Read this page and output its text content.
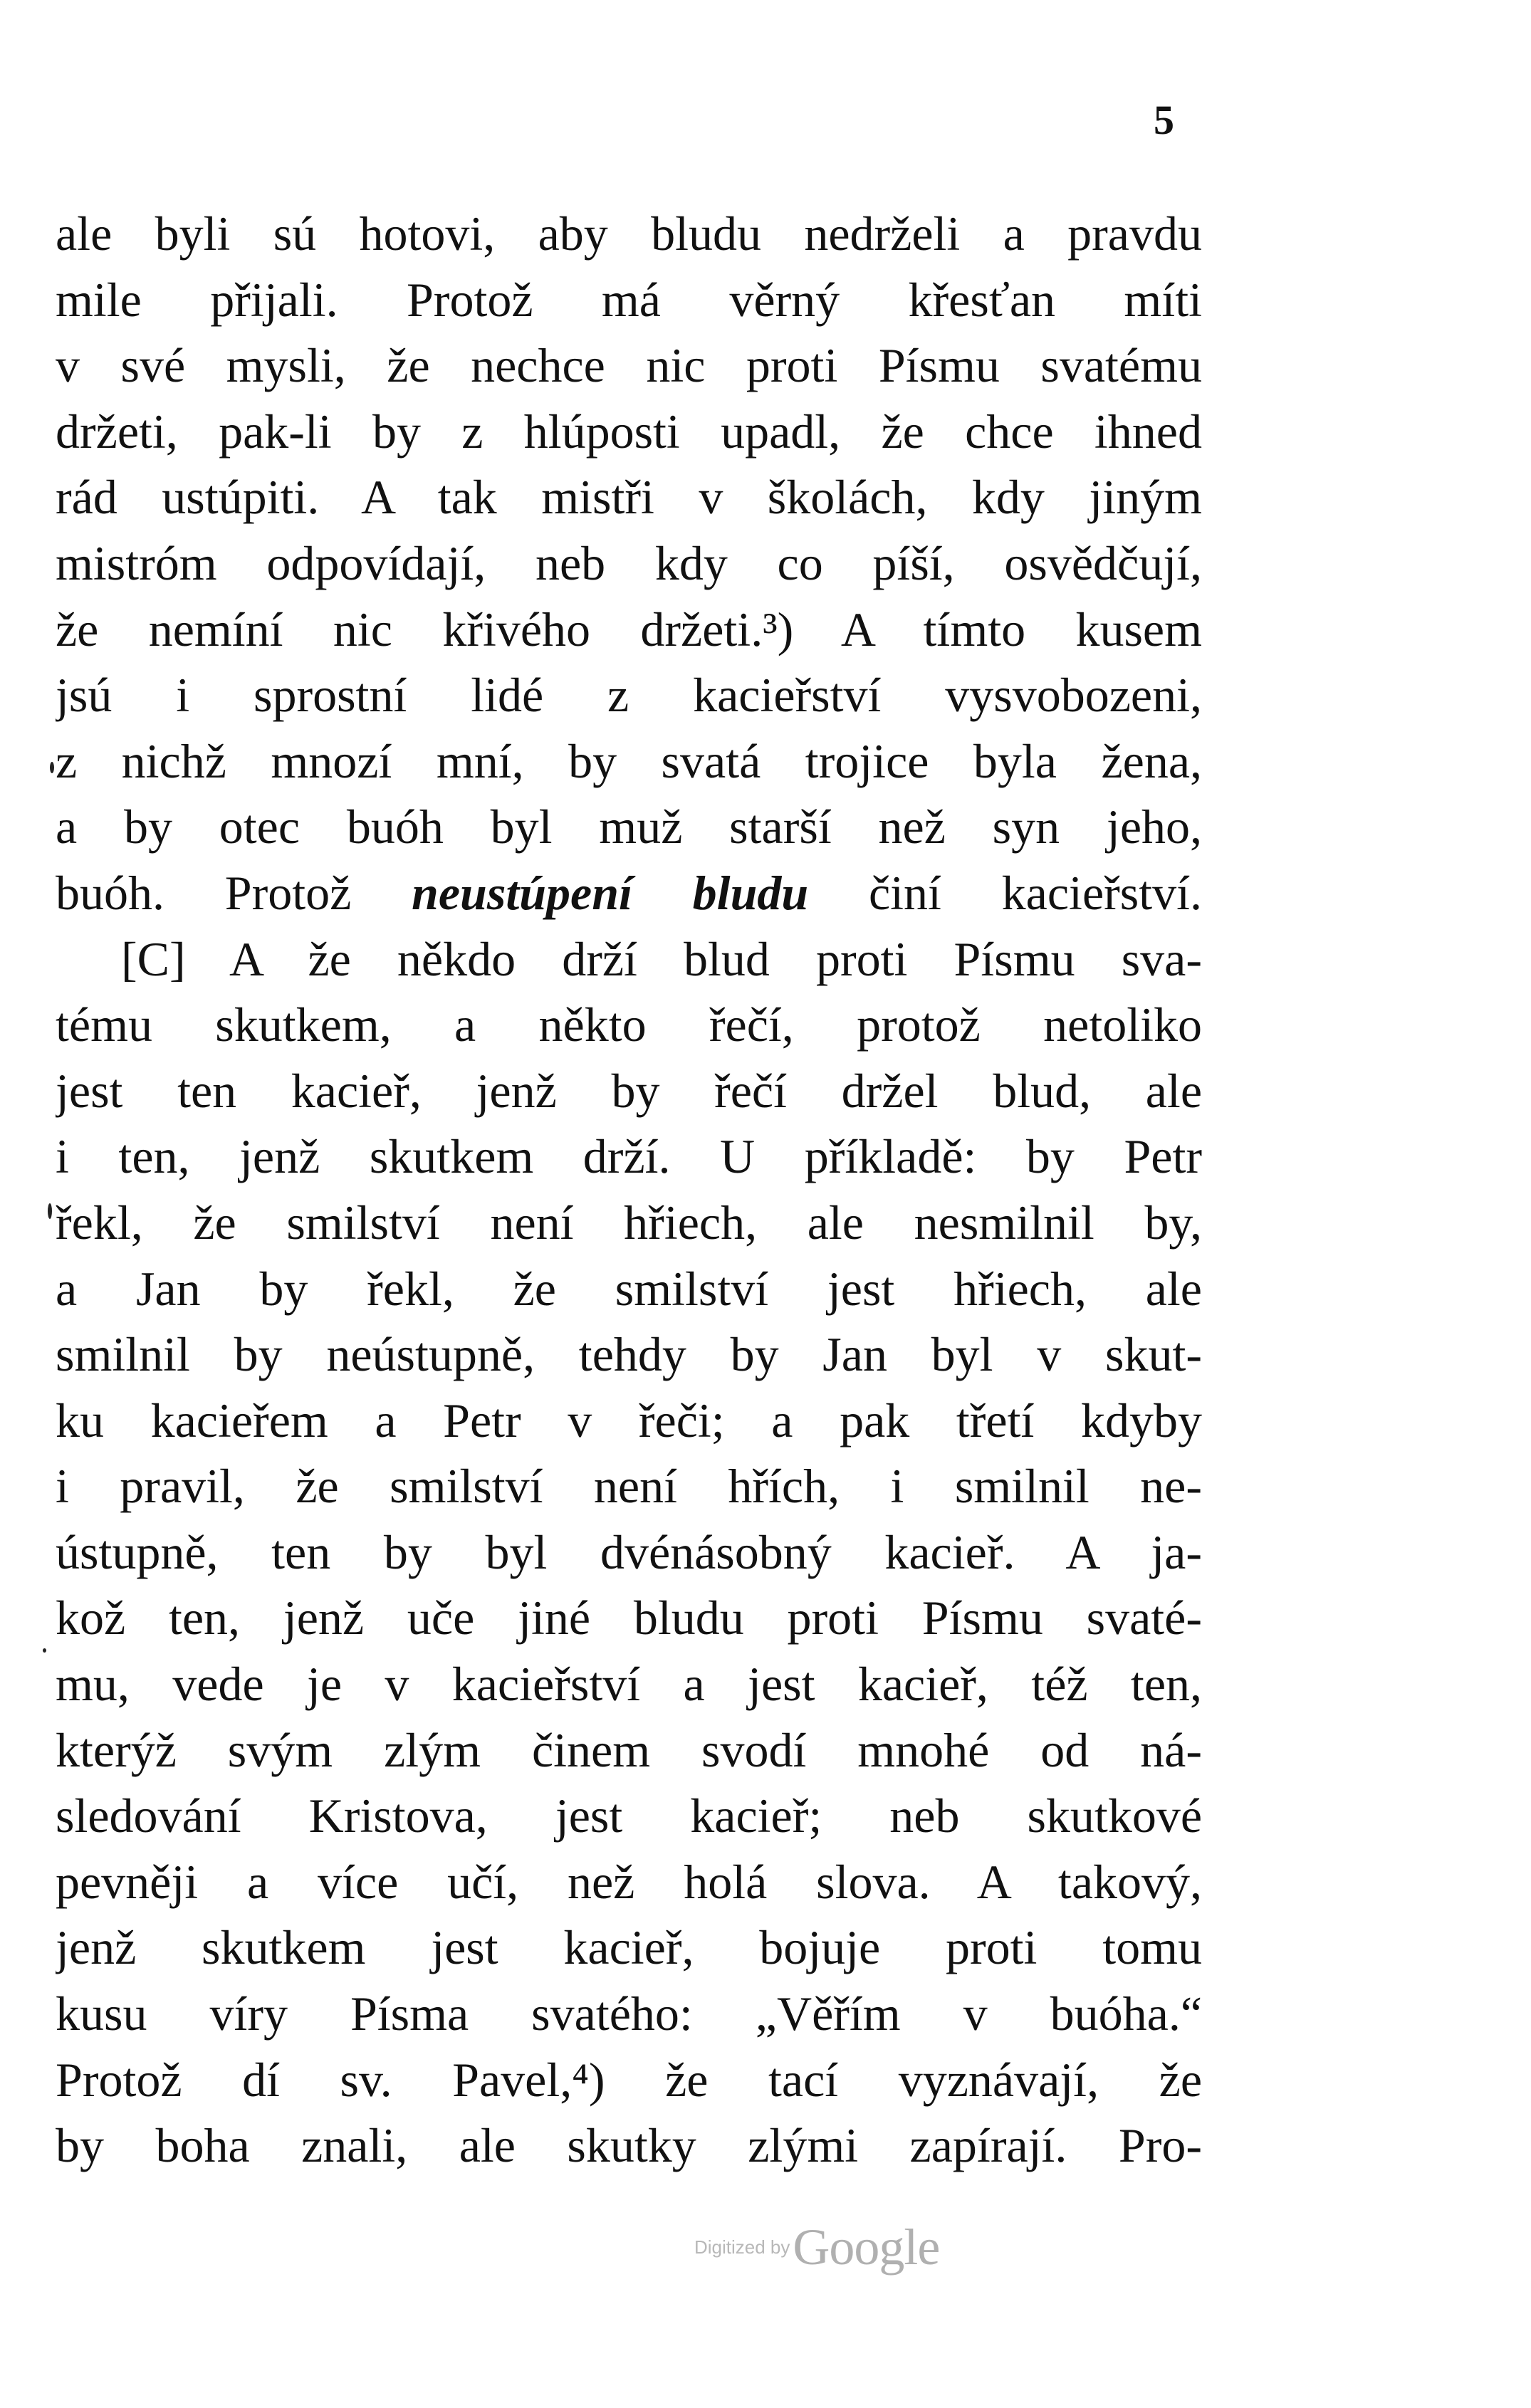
5
ale byli sú hotovi, aby bludu nedrželi a pravdu
mile přijali. Protož má věrný křesťan míti
v své mysli, že nechce nic proti Písmu svatému
držeti, pak-li by z hlúposti upadl, že chce ihned
rád ustúpiti. A tak mistři v školách, kdy jiným
mistróm odpovídají, neb kdy co píší, osvědčují,
že nemíní nic křivého držeti.³) A tímto kusem
jsú i sprostní lidé z kacieřství vysvobozeni,
z nichž mnozí mní, by svatá trojice byla žena,
a by otec buóh byl muž starší než syn jeho,
buóh. Protož neustúpení bludu činí kacieřství.
[C] A že někdo drží blud proti Písmu sva-
tému skutkem, a někto řečí, protož netoliko
jest ten kacieř, jenž by řečí držel blud, ale
i ten, jenž skutkem drží. U příkladě: by Petr
řekl, že smilství není hřiech, ale nesmilnil by,
a Jan by řekl, že smilství jest hřiech, ale
smilnil by neústupně, tehdy by Jan byl v skut-
ku kacieřem a Petr v řeči; a pak třetí kdyby
i pravil, že smilství není hřích, i smilnil ne-
ústupně, ten by byl dvénásobný kacieř. A ja-
kož ten, jenž uče jiné bludu proti Písmu svaté-
mu, vede je v kacieřství a jest kacieř, též ten,
kterýž svým zlým činem svodí mnohé od ná-
sledování Kristova, jest kacieř; neb skutkové
pevněji a více učí, než holá slova. A takový,
jenž skutkem jest kacieř, bojuje proti tomu
kusu víry Písma svatého: „Věřím v buóha.“
Protož dí sv. Pavel,⁴) že tací vyznávají, že
by boha znali, ale skutky zlými zapírají. Pro-
Digitized by Google
